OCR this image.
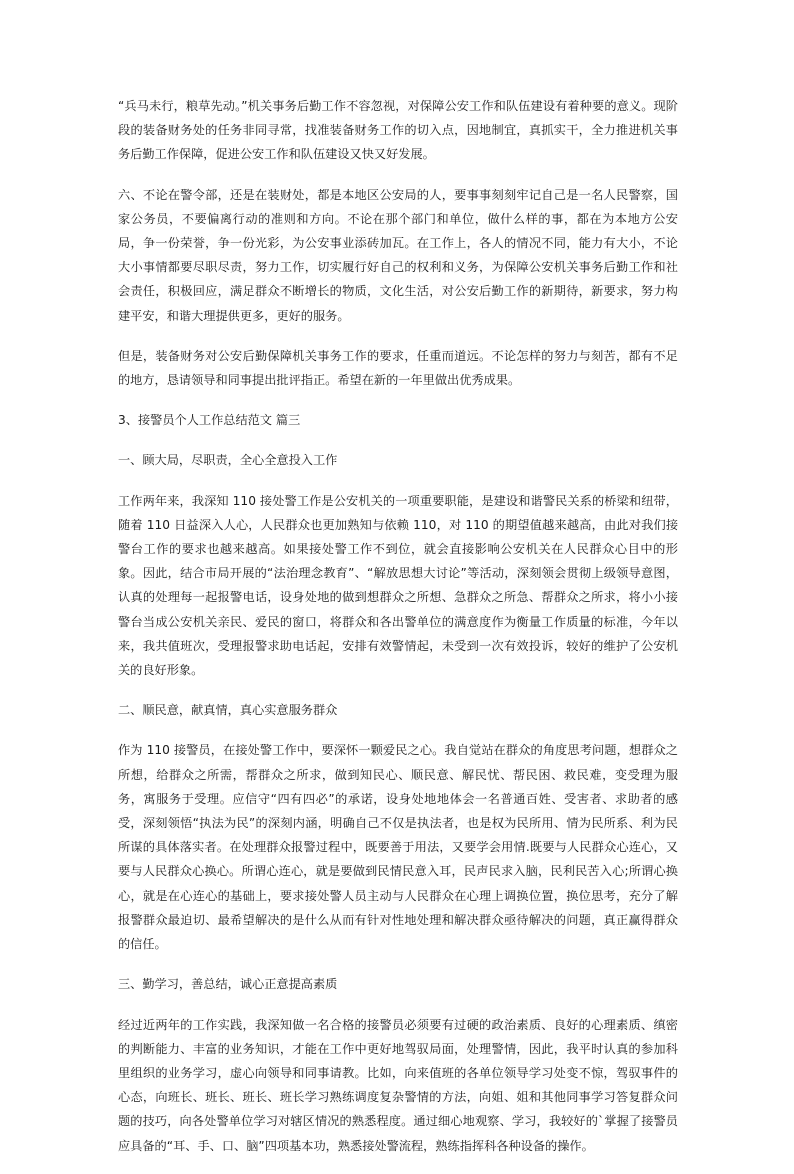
“兵马未行，粮草先动。”机关事务后勤工作不容忽视，对保障公安工作和队伍建设有着种要的意义。现阶段的装备财务处的任务非同寻常，找准装备财务工作的切入点，因地制宜，真抓实干，全力推进机关事务后勤工作保障，促进公安工作和队伍建设又快又好发展。

六、不论在警令部，还是在装财处，都是本地区公安局的人，要事事刻刻牢记自己是一名人民警察，国家公务员，不要偏离行动的准则和方向。不论在那个部门和单位，做什么样的事，都在为本地方公安局，争一份荣誉，争一份光彩，为公安事业添砖加瓦。在工作上，各人的情况不同，能力有大小，不论大小事情都要尽职尽责，努力工作，切实履行好自己的权利和义务，为保障公安机关事务后勤工作和社会责任，积极回应，满足群众不断增长的物质，文化生活，对公安后勤工作的新期待，新要求，努力构建平安，和谐大理提供更多，更好的服务。

但是，装备财务对公安后勤保障机关事务工作的要求，任重而道远。不论怎样的努力与刻苦，都有不足的地方，恳请领导和同事提出批评指正。希望在新的一年里做出优秀成果。

3、接警员个人工作总结范文 篇三

一、顾大局，尽职责，全心全意投入工作

工作两年来，我深知 110 接处警工作是公安机关的一项重要职能，是建设和谐警民关系的桥梁和纽带，随着 110 日益深入人心，人民群众也更加熟知与依赖 110，对 110 的期望值越来越高，由此对我们接警台工作的要求也越来越高。如果接处警工作不到位，就会直接影响公安机关在人民群众心目中的形象。因此，结合市局开展的“法治理念教育”、“解放思想大讨论”等活动，深刻领会贯彻上级领导意图，认真的处理每一起报警电话，设身处地的做到想群众之所想、急群众之所急、帮群众之所求，将小小接警台当成公安机关亲民、爱民的窗口，将群众和各出警单位的满意度作为衡量工作质量的标准，今年以来，我共值班次，受理报警求助电话起，安排有效警情起，未受到一次有效投诉，较好的维护了公安机关的良好形象。

二、顺民意，献真情，真心实意服务群众

作为 110 接警员，在接处警工作中，要深怀一颗爱民之心。我自觉站在群众的角度思考问题，想群众之所想，给群众之所需，帮群众之所求，做到知民心、顺民意、解民忧、帮民困、救民难，变受理为服务，寓服务于受理。应信守“四有四必”的承诺，设身处地地体会一名普通百姓、受害者、求助者的感受，深刻领悟“执法为民”的深刻内涵，明确自己不仅是执法者，也是权为民所用、情为民所系、利为民所谋的具体落实者。在处理群众报警过程中，既要善于用法，又要学会用情.既要与人民群众心连心，又要与人民群众心换心。所谓心连心，就是要做到民情民意入耳，民声民求入脑，民利民苦入心;所谓心换心，就是在心连心的基础上，要求接处警人员主动与人民群众在心理上调换位置，换位思考，充分了解报警群众最迫切、最希望解决的是什么从而有针对性地处理和解决群众亟待解决的问题，真正赢得群众的信任。

三、勤学习，善总结，诚心正意提高素质

经过近两年的工作实践，我深知做一名合格的接警员必须要有过硬的政治素质、良好的心理素质、缜密的判断能力、丰富的业务知识，才能在工作中更好地驾驭局面，处理警情，因此，我平时认真的参加科里组织的业务学习，虚心向领导和同事请教。比如，向来值班的各单位领导学习处变不惊，驾驭事件的心态，向班长、班长、班长、班长学习熟练调度复杂警情的方法，向姐、姐和其他同事学习答复群众问题的技巧，向各处警单位学习对辖区情况的熟悉程度。通过细心地观察、学习，我较好的`掌握了接警员应具备的“耳、手、口、脑”四项基本功，熟悉接处警流程，熟练指挥科各种设备的操作。
